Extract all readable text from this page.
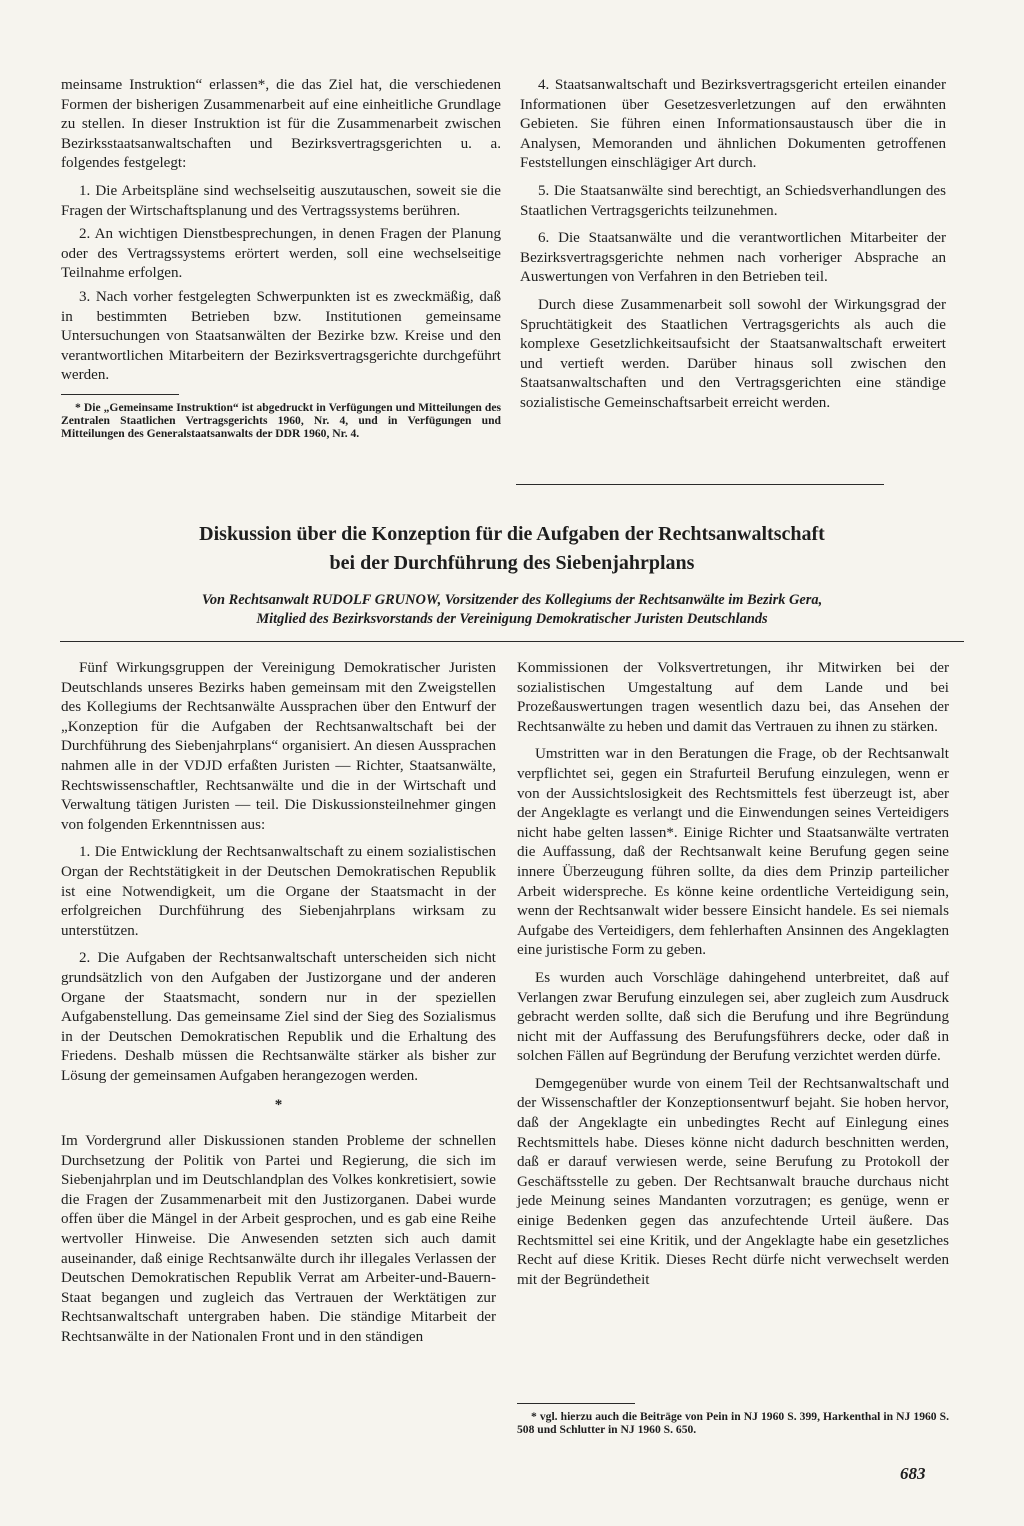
meinsame Instruktion“ erlassen*, die das Ziel hat, die verschiedenen Formen der bisherigen Zusammenarbeit auf eine einheitliche Grundlage zu stellen. In dieser Instruktion ist für die Zusammenarbeit zwischen Bezirksstaatsanwaltschaften und Bezirksvertragsgerichten u. a. folgendes festgelegt:

1. Die Arbeitspläne sind wechselseitig auszutauschen, soweit sie die Fragen der Wirtschaftsplanung und des Vertragssystems berühren.

2. An wichtigen Dienstbesprechungen, in denen Fragen der Planung oder des Vertragssystems erörtert werden, soll eine wechselseitige Teilnahme erfolgen.

3. Nach vorher festgelegten Schwerpunkten ist es zweckmäßig, daß in bestimmten Betrieben bzw. Institutionen gemeinsame Untersuchungen von Staatsanwälten der Bezirke bzw. Kreise und den verantwortlichen Mitarbeitern der Bezirksvertragsgerichte durchgeführt werden.

* Die „Gemeinsame Instruktion“ ist abgedruckt in Verfügungen und Mitteilungen des Zentralen Staatlichen Vertragsgerichts 1960, Nr. 4, und in Verfügungen und Mitteilungen des Generalstaatsanwalts der DDR 1960, Nr. 4.

4. Staatsanwaltschaft und Bezirksvertragsgericht erteilen einander Informationen über Gesetzesverletzungen auf den erwähnten Gebieten. Sie führen einen Informationsaustausch über die in Analysen, Memoranden und ähnlichen Dokumenten getroffenen Feststellungen einschlägiger Art durch.

5. Die Staatsanwälte sind berechtigt, an Schiedsverhandlungen des Staatlichen Vertragsgerichts teilzunehmen.

6. Die Staatsanwälte und die verantwortlichen Mitarbeiter der Bezirksvertragsgerichte nehmen nach vorheriger Absprache an Auswertungen von Verfahren in den Betrieben teil.

Durch diese Zusammenarbeit soll sowohl der Wirkungsgrad der Spruchtätigkeit des Staatlichen Vertragsgerichts als auch die komplexe Gesetzlichkeitsaufsicht der Staatsanwaltschaft erweitert und vertieft werden. Darüber hinaus soll zwischen den Staatsanwaltschaften und den Vertragsgerichten eine ständige sozialistische Gemeinschaftsarbeit erreicht werden.

Diskussion über die Konzeption für die Aufgaben der Rechtsanwaltschaft
bei der Durchführung des Siebenjahrplans
Von Rechtsanwalt RUDOLF GRUNOW, Vorsitzender des Kollegiums der Rechtsanwälte im Bezirk Gera,
Mitglied des Bezirksvorstands der Vereinigung Demokratischer Juristen Deutschlands

Fünf Wirkungsgruppen der Vereinigung Demokratischer Juristen Deutschlands unseres Bezirks haben gemeinsam mit den Zweigstellen des Kollegiums der Rechtsanwälte Aussprachen über den Entwurf der „Konzeption für die Aufgaben der Rechtsanwaltschaft bei der Durchführung des Siebenjahrplans“ organisiert. An diesen Aussprachen nahmen alle in der VDJD erfaßten Juristen — Richter, Staatsanwälte, Rechtswissenschaftler, Rechtsanwälte und die in der Wirtschaft und Verwaltung tätigen Juristen — teil. Die Diskussionsteilnehmer gingen von folgenden Erkenntnissen aus:

1. Die Entwicklung der Rechtsanwaltschaft zu einem sozialistischen Organ der Rechtstätigkeit in der Deutschen Demokratischen Republik ist eine Notwendigkeit, um die Organe der Staatsmacht in der erfolgreichen Durchführung des Siebenjahrplans wirksam zu unterstützen.

2. Die Aufgaben der Rechtsanwaltschaft unterscheiden sich nicht grundsätzlich von den Aufgaben der Justizorgane und der anderen Organe der Staatsmacht, sondern nur in der speziellen Aufgabenstellung. Das gemeinsame Ziel sind der Sieg des Sozialismus in der Deutschen Demokratischen Republik und die Erhaltung des Friedens. Deshalb müssen die Rechtsanwälte stärker als bisher zur Lösung der gemeinsamen Aufgaben herangezogen werden.

*

Im Vordergrund aller Diskussionen standen Probleme der schnellen Durchsetzung der Politik von Partei und Regierung, die sich im Siebenjahrplan und im Deutschlandplan des Volkes konkretisiert, sowie die Fragen der Zusammenarbeit mit den Justizorganen. Dabei wurde offen über die Mängel in der Arbeit gesprochen, und es gab eine Reihe wertvoller Hinweise. Die Anwesenden setzten sich auch damit auseinander, daß einige Rechtsanwälte durch ihr illegales Verlassen der Deutschen Demokratischen Republik Verrat am Arbeiter-und-Bauern-Staat begangen und zugleich das Vertrauen der Werktätigen zur Rechtsanwaltschaft untergraben haben. Die ständige Mitarbeit der Rechtsanwälte in der Nationalen Front und in den ständigen

Kommissionen der Volksvertretungen, ihr Mitwirken bei der sozialistischen Umgestaltung auf dem Lande und bei Prozeßauswertungen tragen wesentlich dazu bei, das Ansehen der Rechtsanwälte zu heben und damit das Vertrauen zu ihnen zu stärken.

Umstritten war in den Beratungen die Frage, ob der Rechtsanwalt verpflichtet sei, gegen ein Strafurteil Berufung einzulegen, wenn er von der Aussichtslosigkeit des Rechtsmittels fest überzeugt ist, aber der Angeklagte es verlangt und die Einwendungen seines Verteidigers nicht habe gelten lassen*. Einige Richter und Staatsanwälte vertraten die Auffassung, daß der Rechtsanwalt keine Berufung gegen seine innere Überzeugung führen sollte, da dies dem Prinzip parteilicher Arbeit widerspreche. Es könne keine ordentliche Verteidigung sein, wenn der Rechtsanwalt wider bessere Einsicht handele. Es sei niemals Aufgabe des Verteidigers, dem fehlerhaften Ansinnen des Angeklagten eine juristische Form zu geben.

Es wurden auch Vorschläge dahingehend unterbreitet, daß auf Verlangen zwar Berufung einzulegen sei, aber zugleich zum Ausdruck gebracht werden sollte, daß sich die Berufung und ihre Begründung nicht mit der Auffassung des Berufungsführers decke, oder daß in solchen Fällen auf Begründung der Berufung verzichtet werden dürfe.

Demgegenüber wurde von einem Teil der Rechtsanwaltschaft und der Wissenschaftler der Konzeptionsentwurf bejaht. Sie hoben hervor, daß der Angeklagte ein unbedingtes Recht auf Einlegung eines Rechtsmittels habe. Dieses könne nicht dadurch beschnitten werden, daß er darauf verwiesen werde, seine Berufung zu Protokoll der Geschäftsstelle zu geben. Der Rechtsanwalt brauche durchaus nicht jede Meinung seines Mandanten vorzutragen; es genüge, wenn er einige Bedenken gegen das anzufechtende Urteil äußere. Das Rechtsmittel sei eine Kritik, und der Angeklagte habe ein gesetzliches Recht auf diese Kritik. Dieses Recht dürfe nicht verwechselt werden mit der Begründetheit

* vgl. hierzu auch die Beiträge von Pein in NJ 1960 S. 399, Harkenthal in NJ 1960 S. 508 und Schlutter in NJ 1960 S. 650.

683
